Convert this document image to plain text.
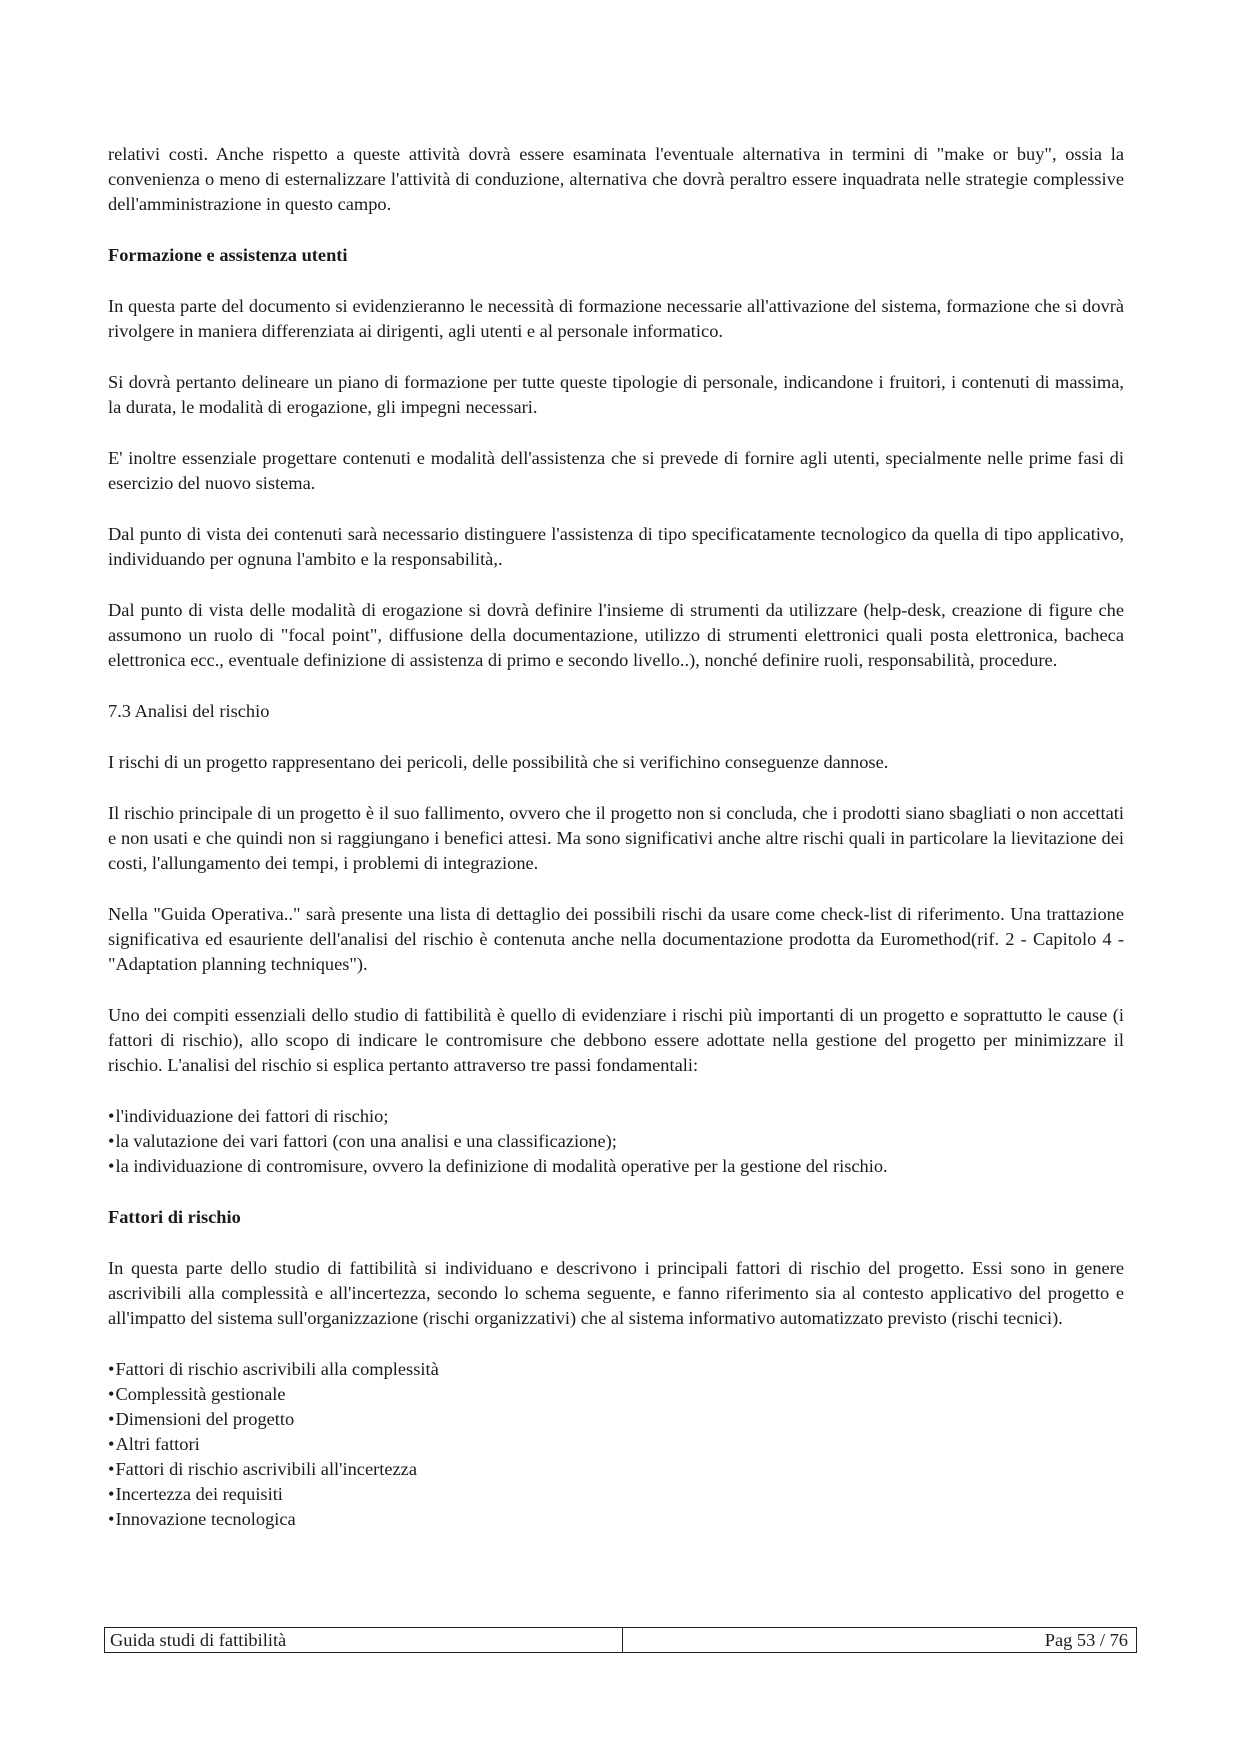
relativi costi. Anche rispetto a queste attività dovrà essere esaminata l'eventuale alternativa in termini di "make or buy", ossia la convenienza o meno di esternalizzare l'attività di conduzione, alternativa che dovrà peraltro essere inquadrata nelle strategie complessive dell'amministrazione in questo campo.

Formazione e assistenza utenti

In questa parte del documento si evidenzieranno le necessità di formazione necessarie all'attivazione del sistema, formazione che si dovrà rivolgere in maniera differenziata ai dirigenti, agli utenti e al personale informatico.

Si dovrà pertanto delineare un piano di formazione per tutte queste tipologie di personale, indicandone i fruitori, i contenuti di massima, la durata, le modalità di erogazione, gli impegni necessari.

E' inoltre essenziale progettare contenuti e modalità dell'assistenza che si prevede di fornire agli utenti, specialmente nelle prime fasi di esercizio del nuovo sistema.

Dal punto di vista dei contenuti sarà necessario distinguere l'assistenza di tipo specificatamente tecnologico da quella di tipo applicativo, individuando per ognuna l'ambito e la responsabilità,.

Dal punto di vista delle modalità di erogazione si dovrà definire l'insieme di strumenti da utilizzare (help-desk, creazione di figure che assumono un ruolo di "focal point", diffusione della documentazione, utilizzo di strumenti elettronici quali posta elettronica, bacheca elettronica ecc., eventuale definizione di assistenza di primo e secondo livello..), nonché definire ruoli, responsabilità, procedure.

7.3 Analisi del rischio

I rischi di un progetto rappresentano dei pericoli, delle possibilità che si verifichino conseguenze dannose.

Il rischio principale di un progetto è il suo fallimento, ovvero che il progetto non si concluda, che i prodotti siano sbagliati o non accettati e non usati e che quindi non si raggiungano i benefici attesi. Ma sono significativi anche altre rischi quali in particolare la lievitazione dei costi, l'allungamento dei tempi, i problemi di integrazione.

Nella "Guida Operativa.." sarà presente una lista di dettaglio dei possibili rischi da usare come check-list di riferimento. Una trattazione significativa ed esauriente dell'analisi del rischio è contenuta anche nella documentazione prodotta da Euromethod(rif. 2 - Capitolo 4 - "Adaptation planning techniques").

Uno dei compiti essenziali dello studio di fattibilità è quello di evidenziare i rischi più importanti di un progetto e soprattutto le cause (i fattori di rischio), allo scopo di indicare le contromisure che debbono essere adottate nella gestione del progetto per minimizzare il rischio. L'analisi del rischio si esplica pertanto attraverso tre passi fondamentali:

• l'individuazione dei fattori di rischio;
• la valutazione dei vari fattori (con una analisi e una classificazione);
• la individuazione di contromisure, ovvero la definizione di modalità operative per la gestione del rischio.

Fattori di rischio

In questa parte dello studio di fattibilità si individuano e descrivono i principali fattori di rischio del progetto. Essi sono in genere ascrivibili alla complessità e all'incertezza, secondo lo schema seguente, e fanno riferimento sia al contesto applicativo del progetto e all'impatto del sistema sull'organizzazione (rischi organizzativi) che al sistema informativo automatizzato previsto (rischi tecnici).

• Fattori di rischio ascrivibili alla complessità
• Complessità gestionale
• Dimensioni del progetto
• Altri fattori
• Fattori di rischio ascrivibili all'incertezza
• Incertezza dei requisiti
• Innovazione tecnologica
Guida studi di fattibilità	Pag 53 / 76
